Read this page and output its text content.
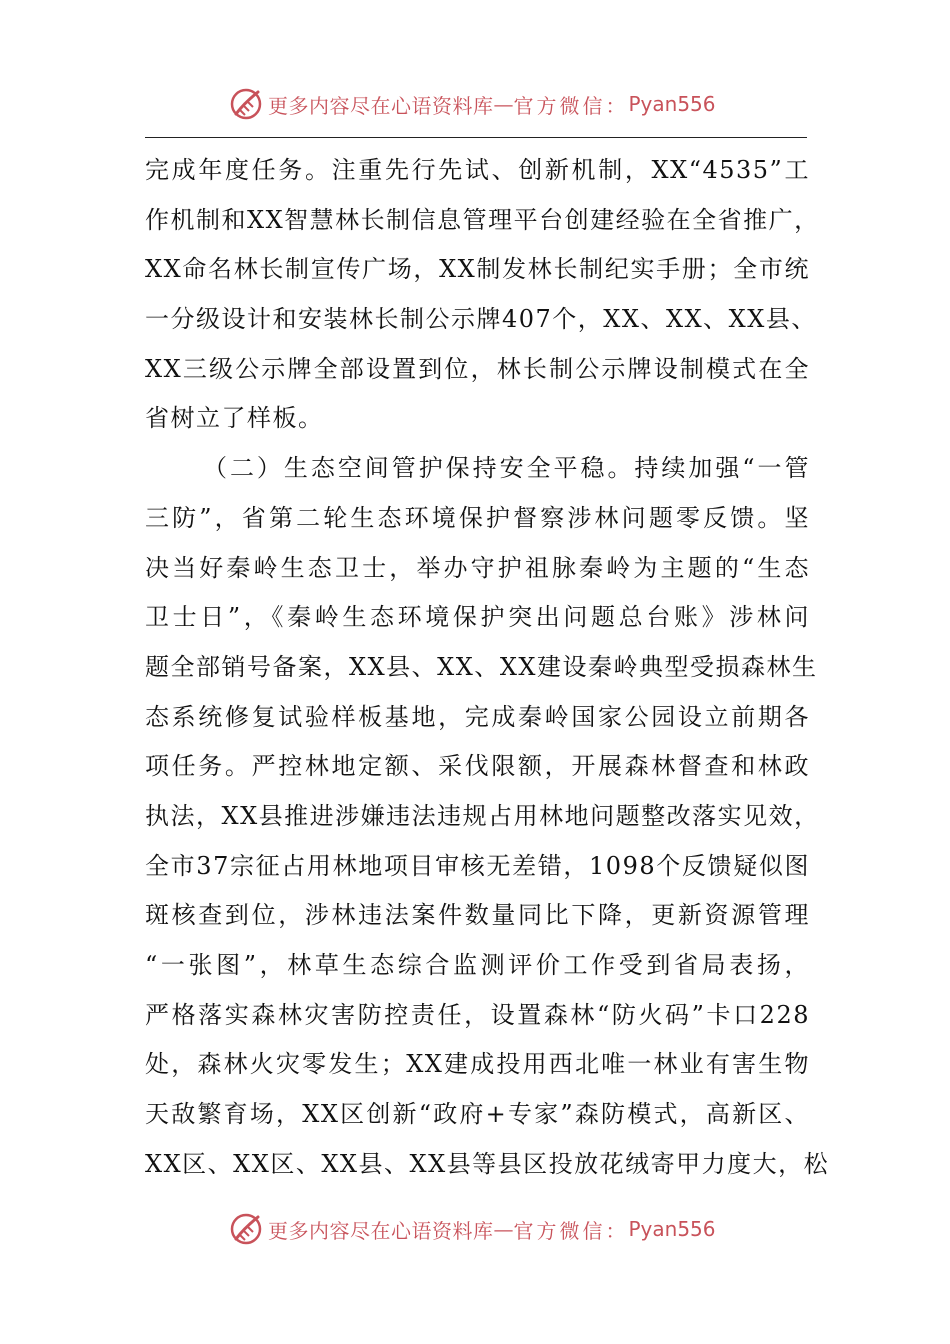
更多内容尽在心语资料库 — 官方微信： Pyan556
完成年度任务。注重先行先试、创新机制，XX“4535”工
作机制和XX智慧林长制信息管理平台创建经验在全省推广，
XX命名林长制宣传广场，XX制发林长制纪实手册；全市统
一分级设计和安装林长制公示牌407个，XX、XX、XX县、
XX三级公示牌全部设置到位，林长制公示牌设制模式在全
省树立了样板。
（二）生态空间管护保持安全平稳。持续加强“一管
三防”，省第二轮生态环境保护督察涉林问题零反馈。坚
决当好秦岭生态卫士，举办守护祖脉秦岭为主题的“生态
卫士日”，《秦岭生态环境保护突出问题总台账》涉林问
题全部销号备案，XX县、XX、XX建设秦岭典型受损森林生
态系统修复试验样板基地，完成秦岭国家公园设立前期各
项任务。严控林地定额、采伐限额，开展森林督查和林政
执法，XX县推进涉嫌违法违规占用林地问题整改落实见效，
全市37宗征占用林地项目审核无差错，1098个反馈疑似图
斑核查到位，涉林违法案件数量同比下降，更新资源管理
“一张图”，林草生态综合监测评价工作受到省局表扬，
严格落实森林灾害防控责任，设置森林“防火码”卡口228
处，森林火灾零发生；XX建成投用西北唯一林业有害生物
天敌繁育场，XX区创新“政府+专家”森防模式，高新区、
XX区、XX区、XX县、XX县等县区投放花绒寄甲力度大，松
更多内容尽在心语资料库 — 官方微信： Pyan556
